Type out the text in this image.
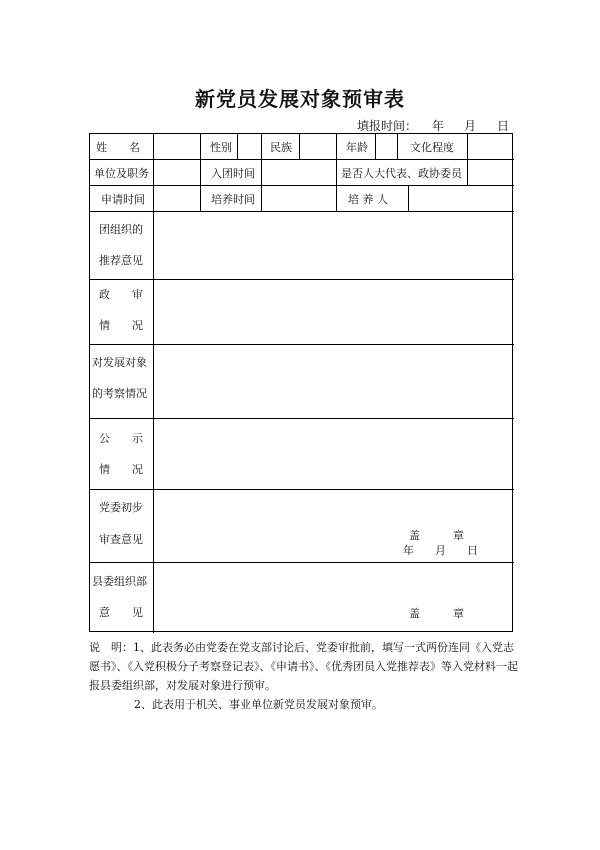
新党员发展对象预审表
填报时间： 年 月 日
姓　　名	性别	民族	年龄	文化程度
单位及职务	入团时间	是否人大代表、政协委员
申请时间	培养时间	培 养 人
团组织的
推荐意见
政　　审
情　　况
对发展对象
的考察情况
公　　示
情　　况
党委初步
审查意见	盖　　　章
年 月 日
县委组织部
意　　见	盖　　　章

说　明：1、此表务必由党委在党支部讨论后、党委审批前，填写一式两份连同《入党志

愿书》、《入党积极分子考察登记表》、《申请书》、《优秀团员入党推荐表》等入党材料一起

报县委组织部，对发展对象进行预审。

2、此表用于机关、事业单位新党员发展对象预审。
